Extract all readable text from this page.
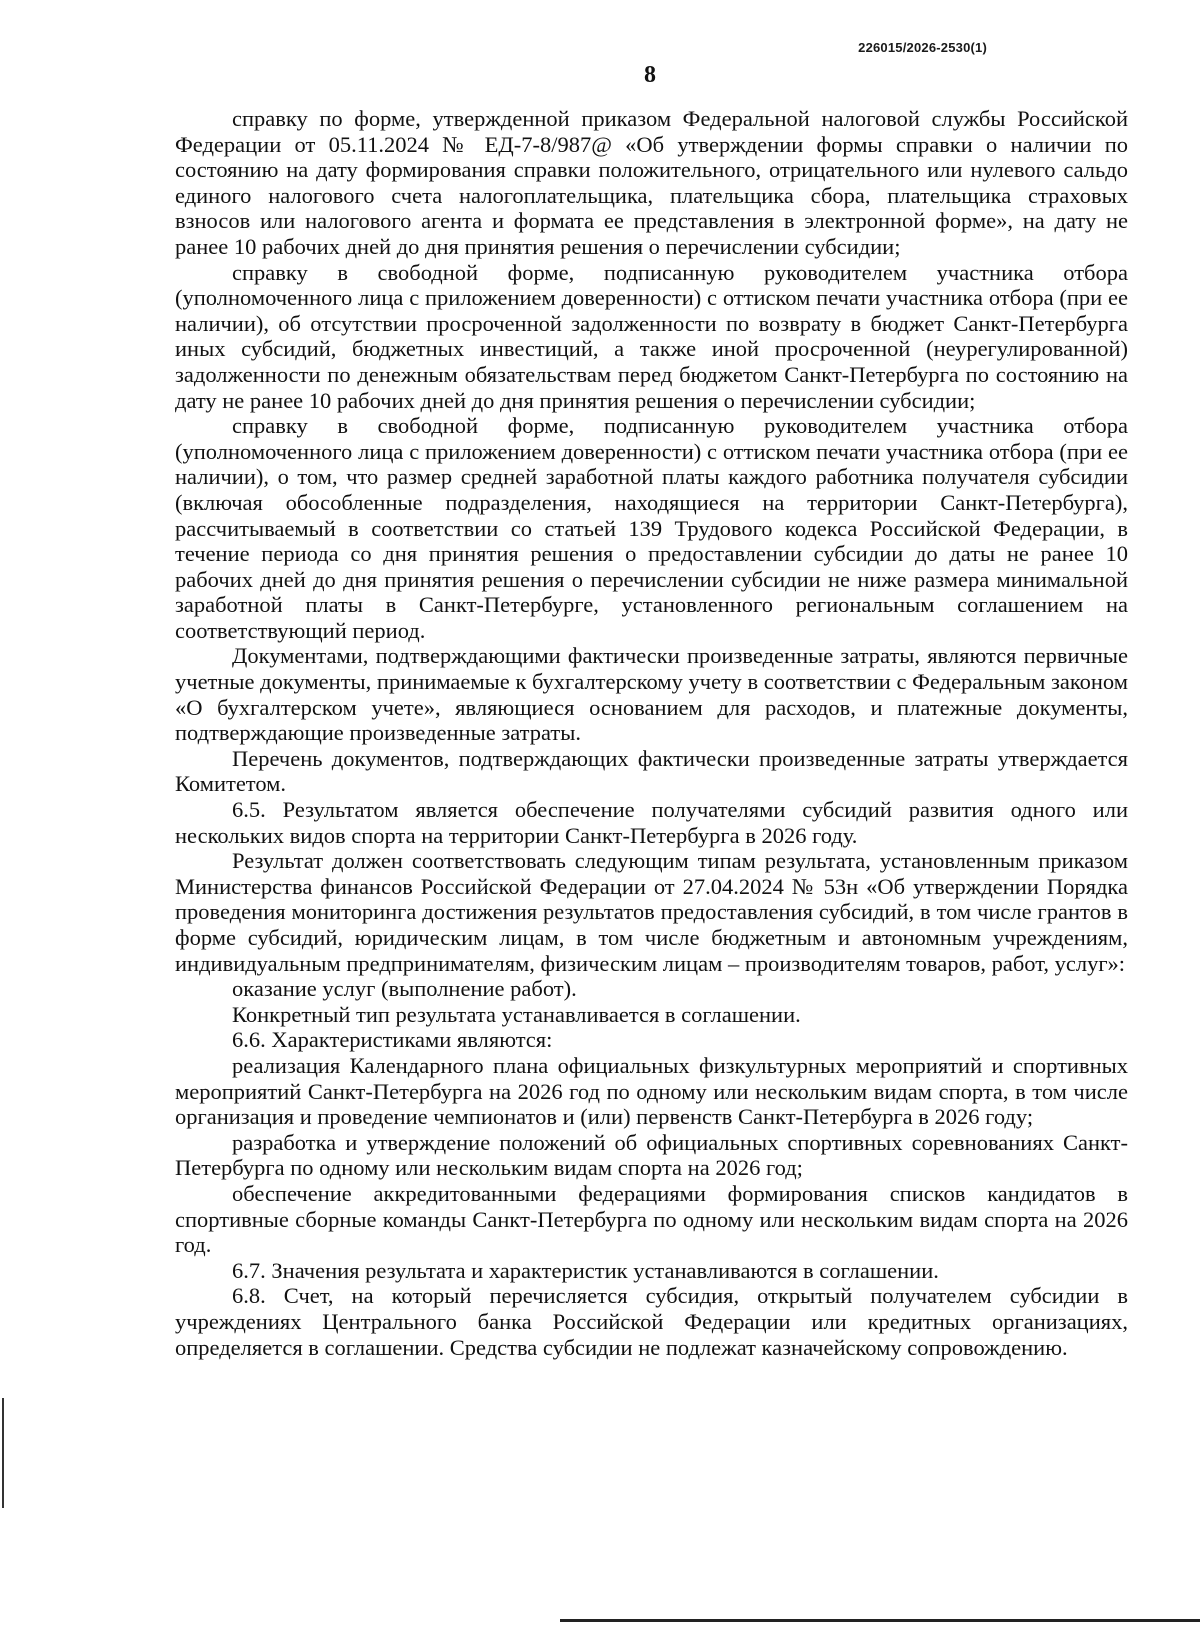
226015/2026-2530(1)
8

справку по форме, утвержденной приказом Федеральной налоговой службы Российской Федерации от 05.11.2024 № ЕД-7-8/987@ «Об утверждении формы справки о наличии по состоянию на дату формирования справки положительного, отрицательного или нулевого сальдо единого налогового счета налогоплательщика, плательщика сбора, плательщика страховых взносов или налогового агента и формата ее представления в электронной форме», на дату не ранее 10 рабочих дней до дня принятия решения о перечислении субсидии;

справку в свободной форме, подписанную руководителем участника отбора (уполномоченного лица с приложением доверенности) с оттиском печати участника отбора (при ее наличии), об отсутствии просроченной задолженности по возврату в бюджет Санкт-Петербурга иных субсидий, бюджетных инвестиций, а также иной просроченной (неурегулированной) задолженности по денежным обязательствам перед бюджетом Санкт-Петербурга по состоянию на дату не ранее 10 рабочих дней до дня принятия решения о перечислении субсидии;

справку в свободной форме, подписанную руководителем участника отбора (уполномоченного лица с приложением доверенности) с оттиском печати участника отбора (при ее наличии), о том, что размер средней заработной платы каждого работника получателя субсидии (включая обособленные подразделения, находящиеся на территории Санкт-Петербурга), рассчитываемый в соответствии со статьей 139 Трудового кодекса Российской Федерации, в течение периода со дня принятия решения о предоставлении субсидии до даты не ранее 10 рабочих дней до дня принятия решения о перечислении субсидии не ниже размера минимальной заработной платы в Санкт-Петербурге, установленного региональным соглашением на соответствующий период.

Документами, подтверждающими фактически произведенные затраты, являются первичные учетные документы, принимаемые к бухгалтерскому учету в соответствии с Федеральным законом «О бухгалтерском учете», являющиеся основанием для расходов, и платежные документы, подтверждающие произведенные затраты.

Перечень документов, подтверждающих фактически произведенные затраты утверждается Комитетом.

6.5. Результатом является обеспечение получателями субсидий развития одного или нескольких видов спорта на территории Санкт-Петербурга в 2026 году.

Результат должен соответствовать следующим типам результата, установленным приказом Министерства финансов Российской Федерации от 27.04.2024 № 53н «Об утверждении Порядка проведения мониторинга достижения результатов предоставления субсидий, в том числе грантов в форме субсидий, юридическим лицам, в том числе бюджетным и автономным учреждениям, индивидуальным предпринимателям, физическим лицам – производителям товаров, работ, услуг»:

оказание услуг (выполнение работ).

Конкретный тип результата устанавливается в соглашении.

6.6. Характеристиками являются:

реализация Календарного плана официальных физкультурных мероприятий и спортивных мероприятий Санкт-Петербурга на 2026 год по одному или нескольким видам спорта, в том числе организация и проведение чемпионатов и (или) первенств Санкт-Петербурга в 2026 году;

разработка и утверждение положений об официальных спортивных соревнованиях Санкт-Петербурга по одному или нескольким видам спорта на 2026 год;

обеспечение аккредитованными федерациями формирования списков кандидатов в спортивные сборные команды Санкт-Петербурга по одному или нескольким видам спорта на 2026 год.

6.7. Значения результата и характеристик устанавливаются в соглашении.

6.8. Счет, на который перечисляется субсидия, открытый получателем субсидии в учреждениях Центрального банка Российской Федерации или кредитных организациях, определяется в соглашении. Средства субсидии не подлежат казначейскому сопровождению.
